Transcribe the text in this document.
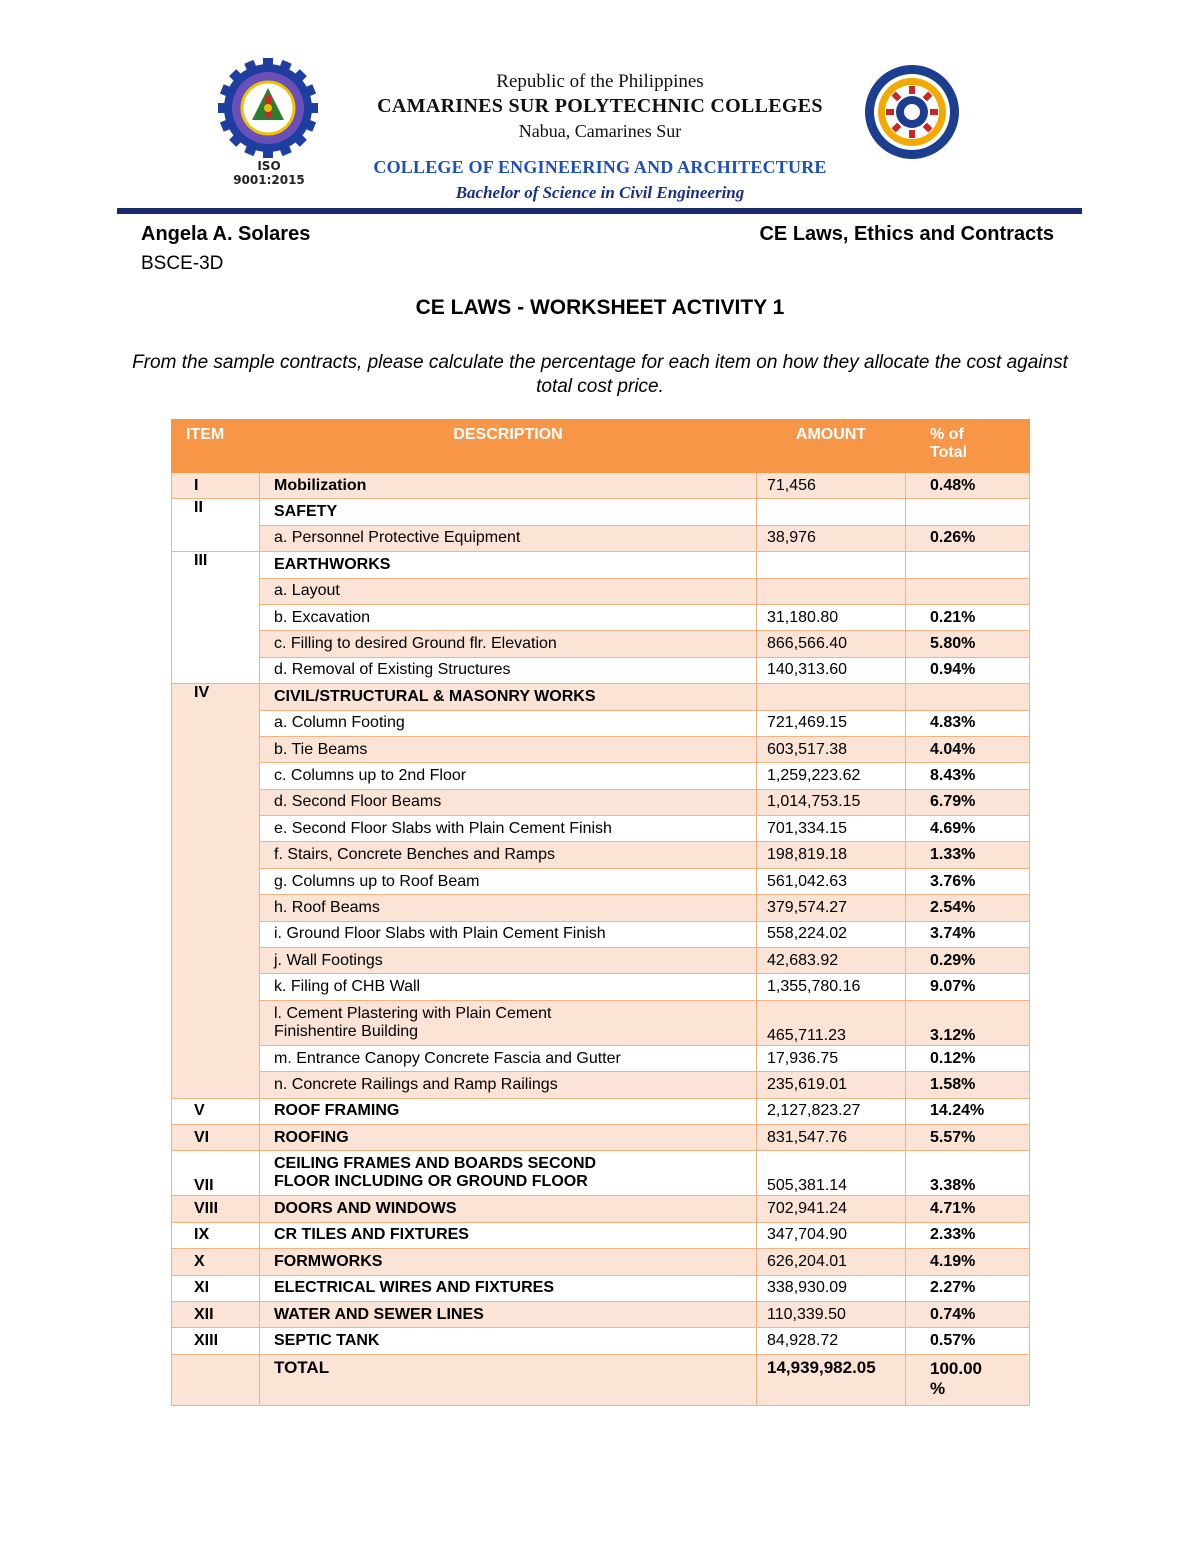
ISO 9001:2015
Republic of the Philippines
CAMARINES SUR POLYTECHNIC COLLEGES
Nabua, Camarines Sur
COLLEGE OF ENGINEERING AND ARCHITECTURE
Bachelor of Science in Civil Engineering
Angela A. Solares
BSCE-3D
CE Laws, Ethics and Contracts
CE LAWS - WORKSHEET ACTIVITY 1
From the sample contracts, please calculate the percentage for each item on how they allocate the cost against total cost price.
ITEM	DESCRIPTION	AMOUNT	% of
Total
I	Mobilization	71,456	0.48%
II	SAFETY		
	a. Personnel Protective Equipment	38,976	0.26%
III	EARTHWORKS		
	a. Layout		
	b. Excavation	31,180.80	0.21%
	c. Filling to desired Ground flr. Elevation	866,566.40	5.80%
	d. Removal of Existing Structures	140,313.60	0.94%
IV	CIVIL/STRUCTURAL & MASONRY WORKS		
	a. Column Footing	721,469.15	4.83%
	b. Tie Beams	603,517.38	4.04%
	c. Columns up to 2nd Floor	1,259,223.62	8.43%
	d. Second Floor Beams	1,014,753.15	6.79%
	e. Second Floor Slabs with Plain Cement Finish	701,334.15	4.69%
	f. Stairs, Concrete Benches and Ramps	198,819.18	1.33%
	g. Columns up to Roof Beam	561,042.63	3.76%
	h. Roof Beams	379,574.27	2.54%
	i. Ground Floor Slabs with Plain Cement Finish	558,224.02	3.74%
	j. Wall Footings	42,683.92	0.29%
	k. Filing of CHB Wall	1,355,780.16	9.07%
	l. Cement Plastering with Plain Cement
Finishentire Building	465,711.23	3.12%
	m. Entrance Canopy Concrete Fascia and Gutter	17,936.75	0.12%
	n. Concrete Railings and Ramp Railings	235,619.01	1.58%
V	ROOF FRAMING	2,127,823.27	14.24%
VI	ROOFING	831,547.76	5.57%
VII	CEILING FRAMES AND BOARDS SECOND
FLOOR INCLUDING OR GROUND FLOOR	505,381.14	3.38%
VIII	DOORS AND WINDOWS	702,941.24	4.71%
IX	CR TILES AND FIXTURES	347,704.90	2.33%
X	FORMWORKS	626,204.01	4.19%
XI	ELECTRICAL WIRES AND FIXTURES	338,930.09	2.27%
XII	WATER AND SEWER LINES	110,339.50	0.74%
XIII	SEPTIC TANK	84,928.72	0.57%
	TOTAL	14,939,982.05	100.00
%
